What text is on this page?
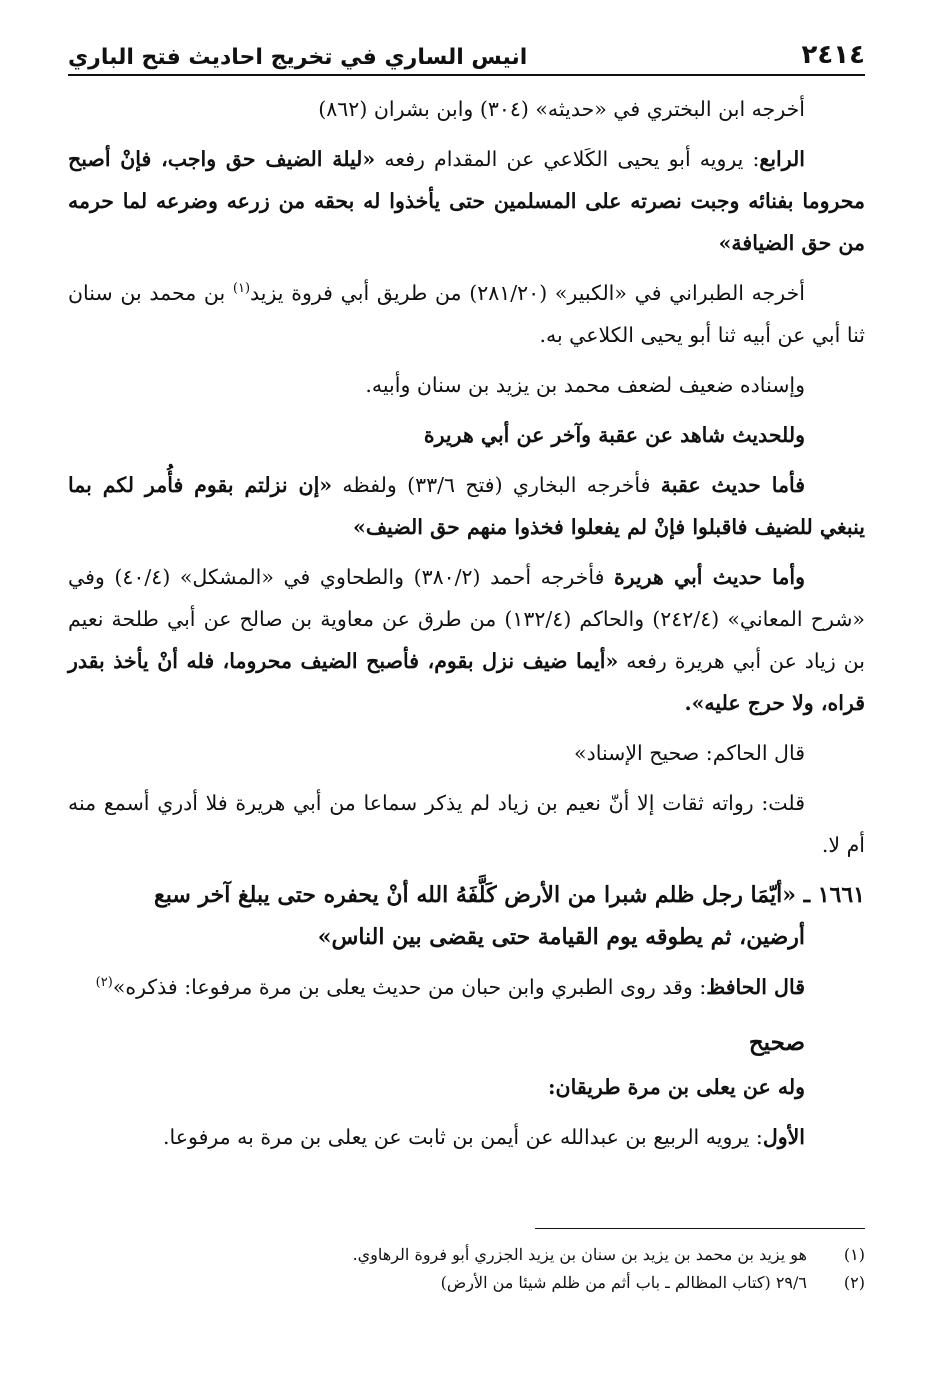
٢٤١٤
انيس الساري في تخريج احاديث فتح الباري

أخرجه ابن البختري في «حديثه» (٣٠٤) وابن بشران (٨٦٢)

الرابع: يرويه أبو يحيى الكَلاعي عن المقدام رفعه «ليلة الضيف حق واجب، فإنْ أصبح محروما بفنائه وجبت نصرته على المسلمين حتى يأخذوا له بحقه من زرعه وضرعه لما حرمه من حق الضيافة»

أخرجه الطبراني في «الكبير» (٢٨١/٢٠) من طريق أبي فروة يزيد$^{(١)}$ بن محمد بن سنان ثنا أبي عن أبيه ثنا أبو يحيى الكلاعي به.

وإسناده ضعيف لضعف محمد بن يزيد بن سنان وأبيه.

وللحديث شاهد عن عقبة وآخر عن أبي هريرة

فأما حديث عقبة فأخرجه البخاري (فتح ٣٣/٦) ولفظه «إن نزلتم بقوم فأُمر لكم بما ينبغي للضيف فاقبلوا فإنْ لم يفعلوا فخذوا منهم حق الضيف»

وأما حديث أبي هريرة فأخرجه أحمد (٣٨٠/٢) والطحاوي في «المشكل» (٤٠/٤) وفي «شرح المعاني» (٢٤٢/٤) والحاكم (١٣٢/٤) من طرق عن معاوية بن صالح عن أبي طلحة نعيم بن زياد عن أبي هريرة رفعه «أيما ضيف نزل بقوم، فأصبح الضيف محروما، فله أنْ يأخذ بقدر قراه، ولا حرج عليه».

قال الحاكم: صحيح الإسناد»

قلت: رواته ثقات إلا أنّ نعيم بن زياد لم يذكر سماعا من أبي هريرة فلا أدري أسمع منه أم لا.

١٦٦١ ـ «أيّمَا رجل ظلم شبرا من الأرض كَلَّفَهُ الله أنْ يحفره حتى يبلغ آخر سبع
أرضين، ثم يطوقه يوم القيامة حتى يقضى بين الناس»

قال الحافظ: وقد روى الطبري وابن حبان من حديث يعلى بن مرة مرفوعا: فذكره»$^{(٢)}$

صحيح

وله عن يعلى بن مرة طريقان:

الأول: يرويه الربيع بن عبدالله عن أيمن بن ثابت عن يعلى بن مرة به مرفوعا.

(١)
هو يزيد بن محمد بن يزيد بن سنان بن يزيد الجزري أبو فروة الرهاوي.
(٢)
٢٩/٦ (كتاب المظالم ـ باب أثم من ظلم شيئا من الأرض)
